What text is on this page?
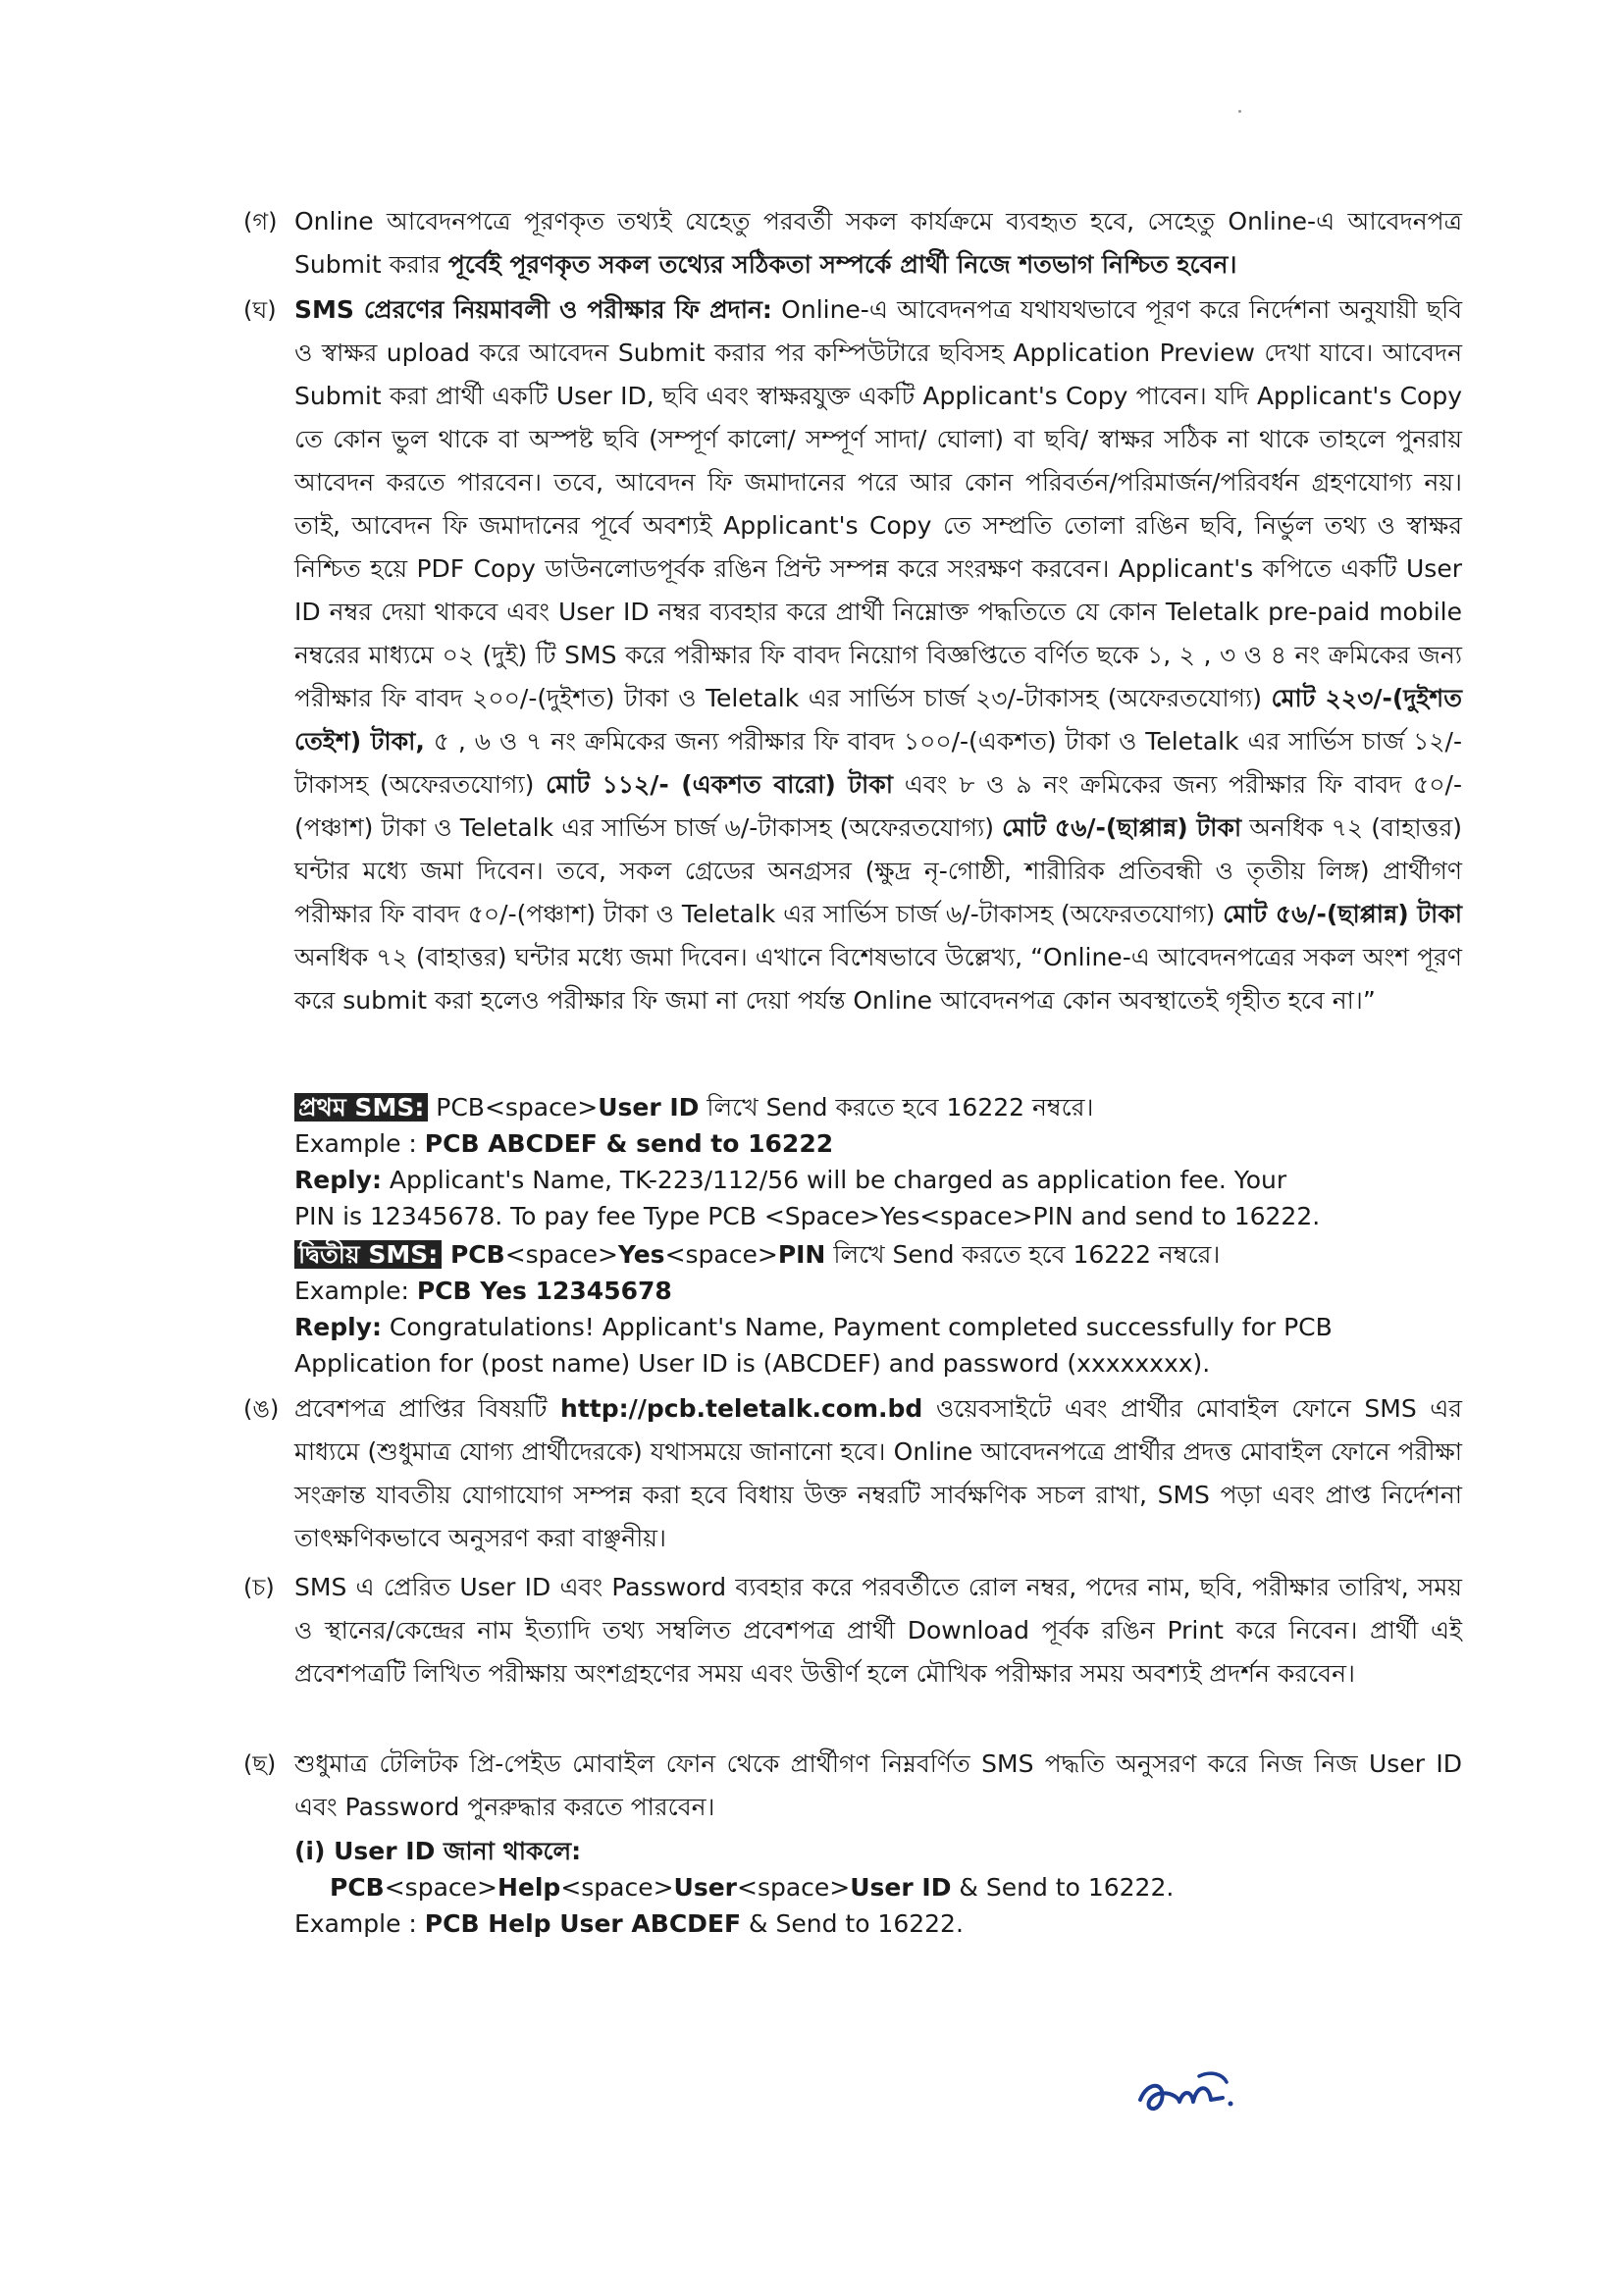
(গ) Online আবেদনপত্রে পূরণকৃত তথ্যই যেহেতু পরবর্তী সকল কার্যক্রমে ব্যবহৃত হবে, সেহেতু Online-এ আবেদনপত্র Submit করার পূর্বেই পূরণকৃত সকল তথ্যের সঠিকতা সম্পর্কে প্রার্থী নিজে শতভাগ নিশ্চিত হবেন।

(ঘ) SMS প্রেরণের নিয়মাবলী ও পরীক্ষার ফি প্রদান: Online-এ আবেদনপত্র যথাযথভাবে পূরণ করে নির্দেশনা অনুযায়ী ছবি ও স্বাক্ষর upload করে আবেদন Submit করার পর কম্পিউটারে ছবিসহ Application Preview দেখা যাবে। আবেদন Submit করা প্রার্থী একটি User ID, ছবি এবং স্বাক্ষরযুক্ত একটি Applicant's Copy পাবেন। যদি Applicant's Copy তে কোন ভুল থাকে বা অস্পষ্ট ছবি (সম্পূর্ণ কালো/ সম্পূর্ণ সাদা/ ঘোলা) বা ছবি/ স্বাক্ষর সঠিক না থাকে তাহলে পুনরায় আবেদন করতে পারবেন। তবে, আবেদন ফি জমাদানের পরে আর কোন পরিবর্তন/পরিমার্জন/পরিবর্ধন গ্রহণযোগ্য নয়। তাই, আবেদন ফি জমাদানের পূর্বে অবশ্যই Applicant's Copy তে সম্প্রতি তোলা রঙিন ছবি, নির্ভুল তথ্য ও স্বাক্ষর নিশ্চিত হয়ে PDF Copy ডাউনলোডপূর্বক রঙিন প্রিন্ট সম্পন্ন করে সংরক্ষণ করবেন। Applicant's কপিতে একটি User ID নম্বর দেয়া থাকবে এবং User ID নম্বর ব্যবহার করে প্রার্থী নিম্নোক্ত পদ্ধতিতে যে কোন Teletalk pre-paid mobile নম্বরের মাধ্যমে ০২ (দুই) টি SMS করে পরীক্ষার ফি বাবদ নিয়োগ বিজ্ঞপ্তিতে বর্ণিত ছকে ১, ২ , ৩ ও ৪ নং ক্রমিকের জন্য পরীক্ষার ফি বাবদ ২০০/-(দুইশত) টাকা ও Teletalk এর সার্ভিস চার্জ ২৩/-টাকাসহ (অফেরতযোগ্য) মোট ২২৩/-(দুইশত তেইশ) টাকা, ৫ , ৬ ও ৭ নং ক্রমিকের জন্য পরীক্ষার ফি বাবদ ১০০/-(একশত) টাকা ও Teletalk এর সার্ভিস চার্জ ১২/-টাকাসহ (অফেরতযোগ্য) মোট ১১২/- (একশত বারো) টাকা এবং ৮ ও ৯ নং ক্রমিকের জন্য পরীক্ষার ফি বাবদ ৫০/-(পঞ্চাশ) টাকা ও Teletalk এর সার্ভিস চার্জ ৬/-টাকাসহ (অফেরতযোগ্য) মোট ৫৬/-(ছাপ্পান্ন) টাকা অনধিক ৭২ (বাহাত্তর) ঘন্টার মধ্যে জমা দিবেন। তবে, সকল গ্রেডের অনগ্রসর (ক্ষুদ্র নৃ-গোষ্ঠী, শারীরিক প্রতিবন্ধী ও তৃতীয় লিঙ্গ) প্রার্থীগণ পরীক্ষার ফি বাবদ ৫০/-(পঞ্চাশ) টাকা ও Teletalk এর সার্ভিস চার্জ ৬/-টাকাসহ (অফেরতযোগ্য) মোট ৫৬/-(ছাপ্পান্ন) টাকা অনধিক ৭২ (বাহাত্তর) ঘন্টার মধ্যে জমা দিবেন। এখানে বিশেষভাবে উল্লেখ্য, “Online-এ আবেদনপত্রের সকল অংশ পূরণ করে submit করা হলেও পরীক্ষার ফি জমা না দেয়া পর্যন্ত Online আবেদনপত্র কোন অবস্থাতেই গৃহীত হবে না।”

প্রথম SMS: PCB<space>User ID লিখে Send করতে হবে 16222 নম্বরে।

Example : PCB ABCDEF & send to 16222

Reply: Applicant's Name, TK-223/112/56 will be charged as application fee. Your

PIN is 12345678. To pay fee Type PCB <Space>Yes<space>PIN and send to 16222.

দ্বিতীয় SMS: PCB<space>Yes<space>PIN লিখে Send করতে হবে 16222 নম্বরে।

Example: PCB Yes 12345678

Reply: Congratulations! Applicant's Name, Payment completed successfully for PCB

Application for (post name) User ID is (ABCDEF) and password (xxxxxxxx).

(ঙ) প্রবেশপত্র প্রাপ্তির বিষয়টি http://pcb.teletalk.com.bd ওয়েবসাইটে এবং প্রার্থীর মোবাইল ফোনে SMS এর মাধ্যমে (শুধুমাত্র যোগ্য প্রার্থীদেরকে) যথাসময়ে জানানো হবে। Online আবেদনপত্রে প্রার্থীর প্রদত্ত মোবাইল ফোনে পরীক্ষা সংক্রান্ত যাবতীয় যোগাযোগ সম্পন্ন করা হবে বিধায় উক্ত নম্বরটি সার্বক্ষণিক সচল রাখা, SMS পড়া এবং প্রাপ্ত নির্দেশনা তাৎক্ষণিকভাবে অনুসরণ করা বাঞ্ছনীয়।

(চ) SMS এ প্রেরিত User ID এবং Password ব্যবহার করে পরবর্তীতে রোল নম্বর, পদের নাম, ছবি, পরীক্ষার তারিখ, সময় ও স্থানের/কেন্দ্রের নাম ইত্যাদি তথ্য সম্বলিত প্রবেশপত্র প্রার্থী Download পূর্বক রঙিন Print করে নিবেন। প্রার্থী এই প্রবেশপত্রটি লিখিত পরীক্ষায় অংশগ্রহণের সময় এবং উত্তীর্ণ হলে মৌখিক পরীক্ষার সময় অবশ্যই প্রদর্শন করবেন।

(ছ) শুধুমাত্র টেলিটক প্রি-পেইড মোবাইল ফোন থেকে প্রার্থীগণ নিম্নবর্ণিত SMS পদ্ধতি অনুসরণ করে নিজ নিজ User ID এবং Password পুনরুদ্ধার করতে পারবেন।

(i) User ID জানা থাকলে:

PCB<space>Help<space>User<space>User ID & Send to 16222.

Example : PCB Help User ABCDEF & Send to 16222.
